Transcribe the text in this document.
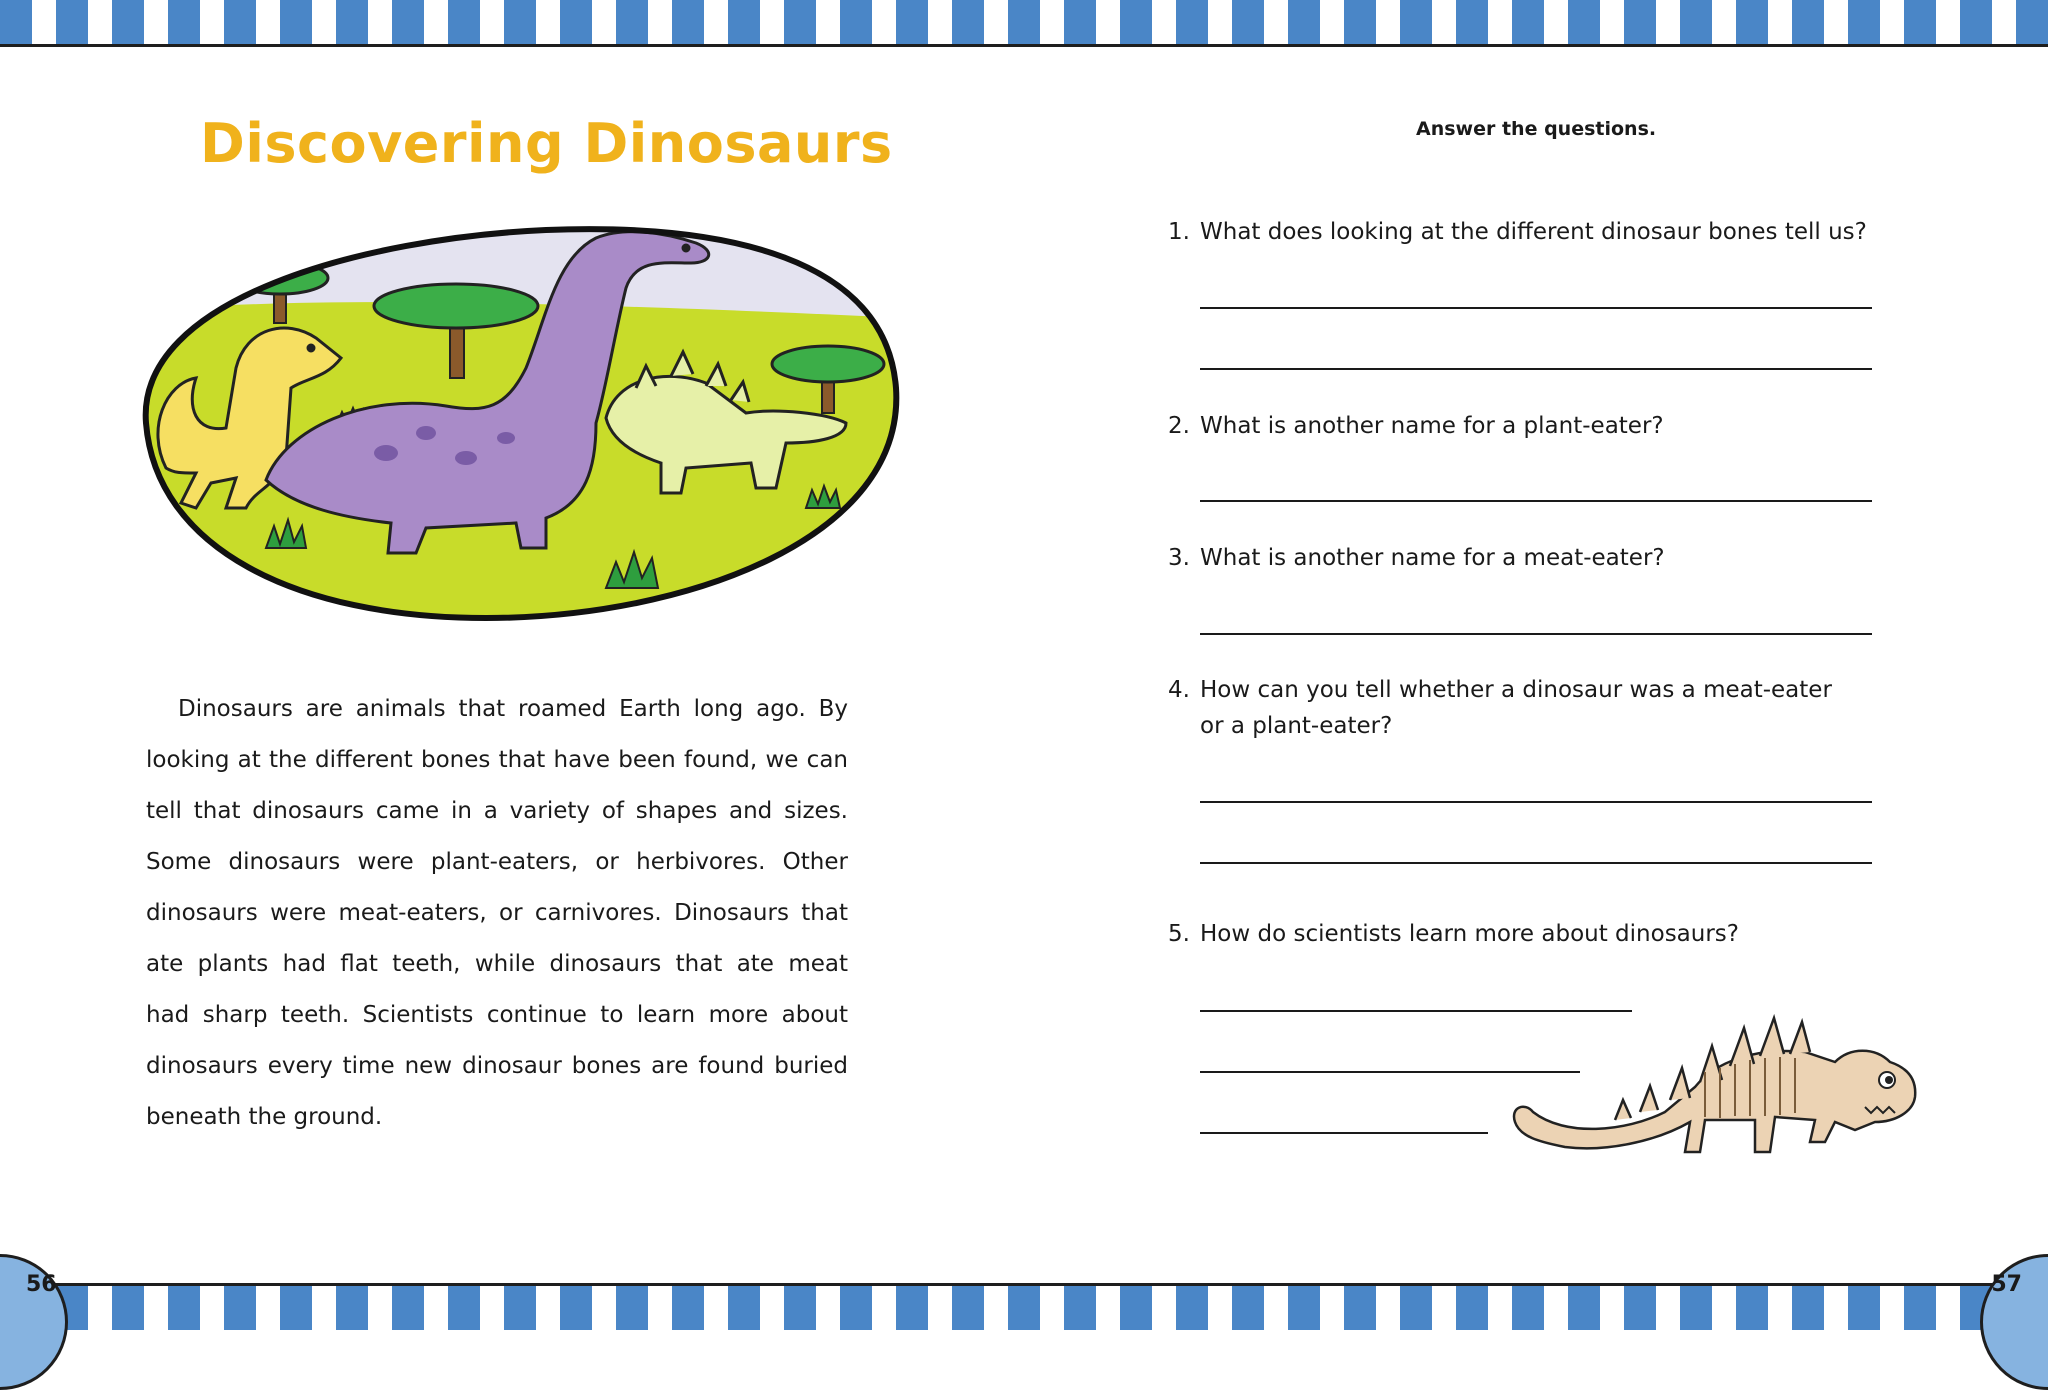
56	57
Discovering Dinosaurs

Dinosaurs are animals that roamed Earth long ago. By
looking at the different bones that have been found, we can
tell that dinosaurs came in a variety of shapes and sizes.
Some dinosaurs were plant-eaters, or herbivores. Other
dinosaurs were meat-eaters, or carnivores. Dinosaurs that
ate plants had flat teeth, while dinosaurs that ate meat
had sharp teeth. Scientists continue to learn more about
dinosaurs every time new dinosaur bones are found buried
beneath the ground.

Answer the questions.

1. What does looking at the different dinosaur bones tell us?
2. What is another name for a plant-eater?
3. What is another name for a meat-eater?
4. How can you tell whether a dinosaur was a meat-eater or a plant-eater?
5. How do scientists learn more about dinosaurs?
